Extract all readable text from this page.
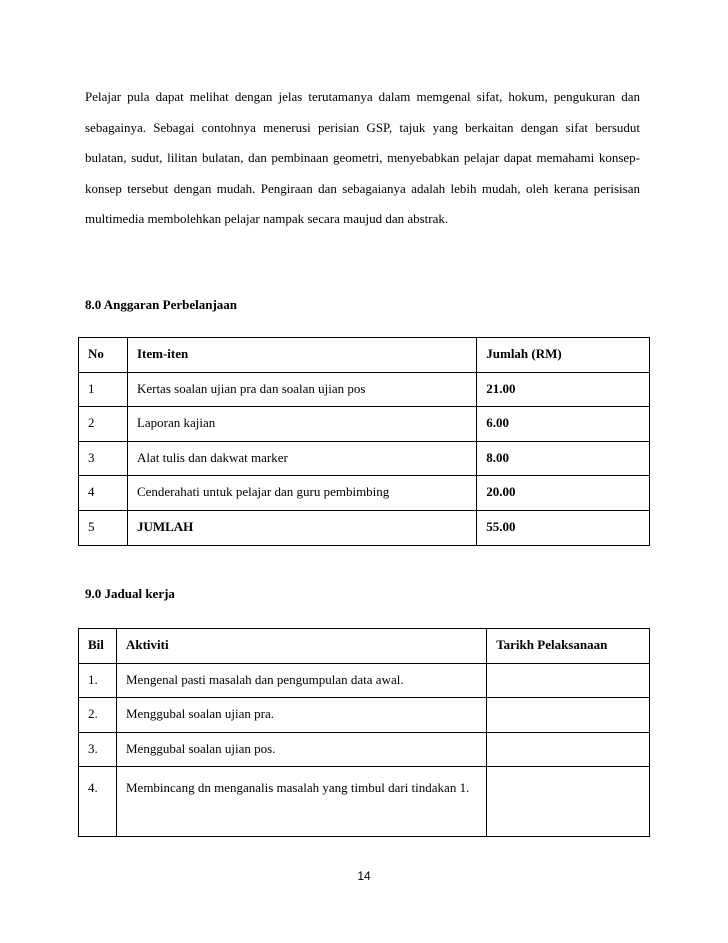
Pelajar pula dapat melihat dengan jelas terutamanya dalam memgenal sifat, hokum, pengukuran dan sebagainya. Sebagai contohnya menerusi perisian GSP, tajuk yang berkaitan dengan sifat bersudut bulatan, sudut, lilitan bulatan, dan pembinaan geometri, menyebabkan pelajar dapat memahami konsep-konsep tersebut dengan mudah. Pengiraan dan sebagaianya adalah lebih mudah, oleh kerana perisisan multimedia membolehkan pelajar nampak secara maujud dan abstrak.
8.0 Anggaran Perbelanjaan
No	Item-iten	Jumlah (RM)
1	Kertas soalan ujian pra dan soalan ujian pos	21.00
2	Laporan kajian	6.00
3	Alat tulis dan dakwat marker	8.00
4	Cenderahati untuk pelajar dan guru pembimbing	20.00
5	JUMLAH	55.00
9.0 Jadual kerja
Bil	Aktiviti	Tarikh Pelaksanaan
1.	Mengenal pasti masalah dan pengumpulan data awal.	
2.	Menggubal soalan ujian pra.	
3.	Menggubal soalan ujian pos.	
4.	Membincang dn menganalis masalah yang timbul dari tindakan 1.	
14
